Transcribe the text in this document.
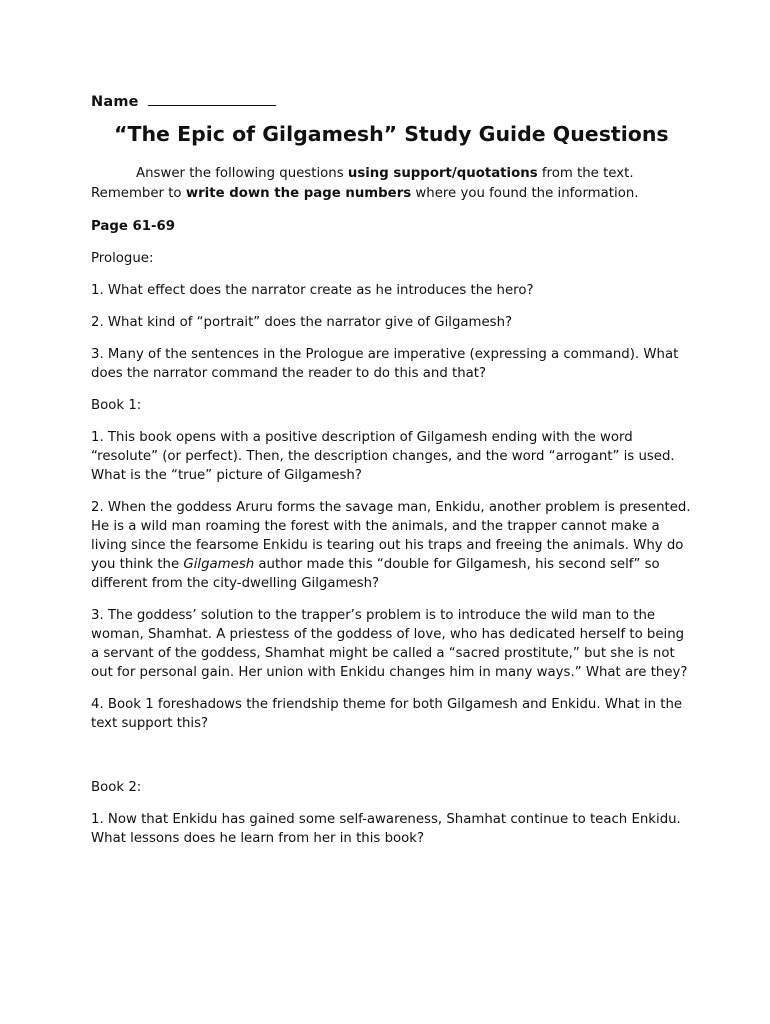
Name
“The Epic of Gilgamesh” Study Guide Questions

Answer the following questions using support/quotations from the text. Remember to write down the page numbers where you found the information.

Page 61-69
Prologue:

1. What effect does the narrator create as he introduces the hero?

2. What kind of “portrait” does the narrator give of Gilgamesh?

3. Many of the sentences in the Prologue are imperative (expressing a command). What does the narrator command the reader to do this and that?

Book 1:

1. This book opens with a positive description of Gilgamesh ending with the word “resolute” (or perfect). Then, the description changes, and the word “arrogant” is used. What is the “true” picture of Gilgamesh?

2. When the goddess Aruru forms the savage man, Enkidu, another problem is presented. He is a wild man roaming the forest with the animals, and the trapper cannot make a living since the fearsome Enkidu is tearing out his traps and freeing the animals. Why do you think the Gilgamesh author made this “double for Gilgamesh, his second self” so different from the city-dwelling Gilgamesh?

3. The goddess’ solution to the trapper’s problem is to introduce the wild man to the woman, Shamhat. A priestess of the goddess of love, who has dedicated herself to being a servant of the goddess, Shamhat might be called a “sacred prostitute,” but she is not out for personal gain. Her union with Enkidu changes him in many ways.” What are they?

4. Book 1 foreshadows the friendship theme for both Gilgamesh and Enkidu. What in the text support this?

Book 2:

1. Now that Enkidu has gained some self-awareness, Shamhat continue to teach Enkidu. What lessons does he learn from her in this book?
